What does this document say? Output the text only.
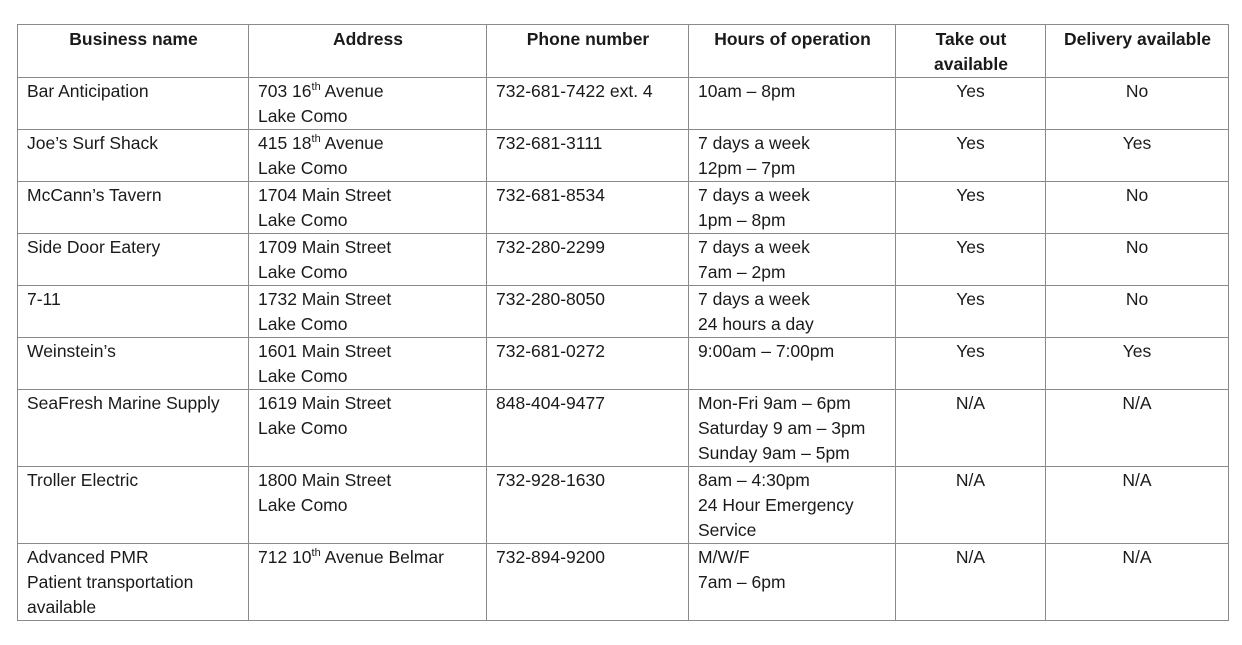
Business name	Address	Phone number	Hours of operation	Take out
available	Delivery available

Bar Anticipation	703 16th Avenue
Lake Como	732-681-7422 ext. 4	10am – 8pm	Yes	No

Joe’s Surf Shack	415 18th Avenue
Lake Como	732-681-3111	7 days a week
12pm – 7pm	Yes	Yes

McCann’s Tavern	1704 Main Street
Lake Como	732-681-8534	7 days a week
1pm – 8pm	Yes	No

Side Door Eatery	1709 Main Street
Lake Como	732-280-2299	7 days a week
7am – 2pm	Yes	No

7-11	1732 Main Street
Lake Como	732-280-8050	7 days a week
24 hours a day	Yes	No

Weinstein’s	1601 Main Street
Lake Como	732-681-0272	9:00am – 7:00pm	Yes	Yes

SeaFresh Marine Supply	1619 Main Street
Lake Como	848-404-9477	Mon-Fri 9am – 6pm
Saturday 9 am – 3pm
Sunday 9am – 5pm	N/A	N/A

Troller Electric	1800 Main Street
Lake Como	732-928-1630	8am – 4:30pm
24 Hour Emergency
Service	N/A	N/A

Advanced PMR
Patient transportation
available	712 10th Avenue Belmar	732-894-9200	M/W/F
7am – 6pm	N/A	N/A
